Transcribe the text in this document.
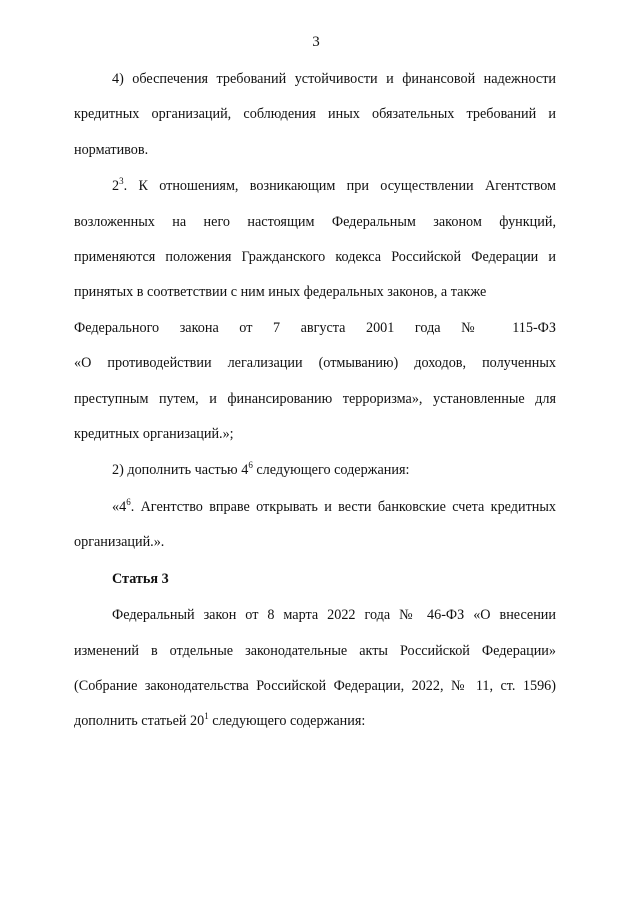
3

4) обеспечения требований устойчивости и финансовой надежности кредитных организаций, соблюдения иных обязательных требований и нормативов.

$2^3$. К отношениям, возникающим при осуществлении Агентством возложенных на него настоящим Федеральным законом функций, применяются положения Гражданского кодекса Российской Федерации и принятых в соответствии с ним иных федеральных законов, а также

Федерального закона от 7 августа 2001 года № 115-ФЗ

«О противодействии легализации (отмыванию) доходов, полученных преступным путем, и финансированию терроризма», установленные для кредитных организаций.»;

2) дополнить частью $4^6$ следующего содержания:

«$4^6$. Агентство вправе открывать и вести банковские счета кредитных организаций.».

Статья 3

Федеральный закон от 8 марта 2022 года № 46-ФЗ «О внесении изменений в отдельные законодательные акты Российской Федерации» (Собрание законодательства Российской Федерации, 2022, № 11, ст. 1596) дополнить статьей $20^1$ следующего содержания:
